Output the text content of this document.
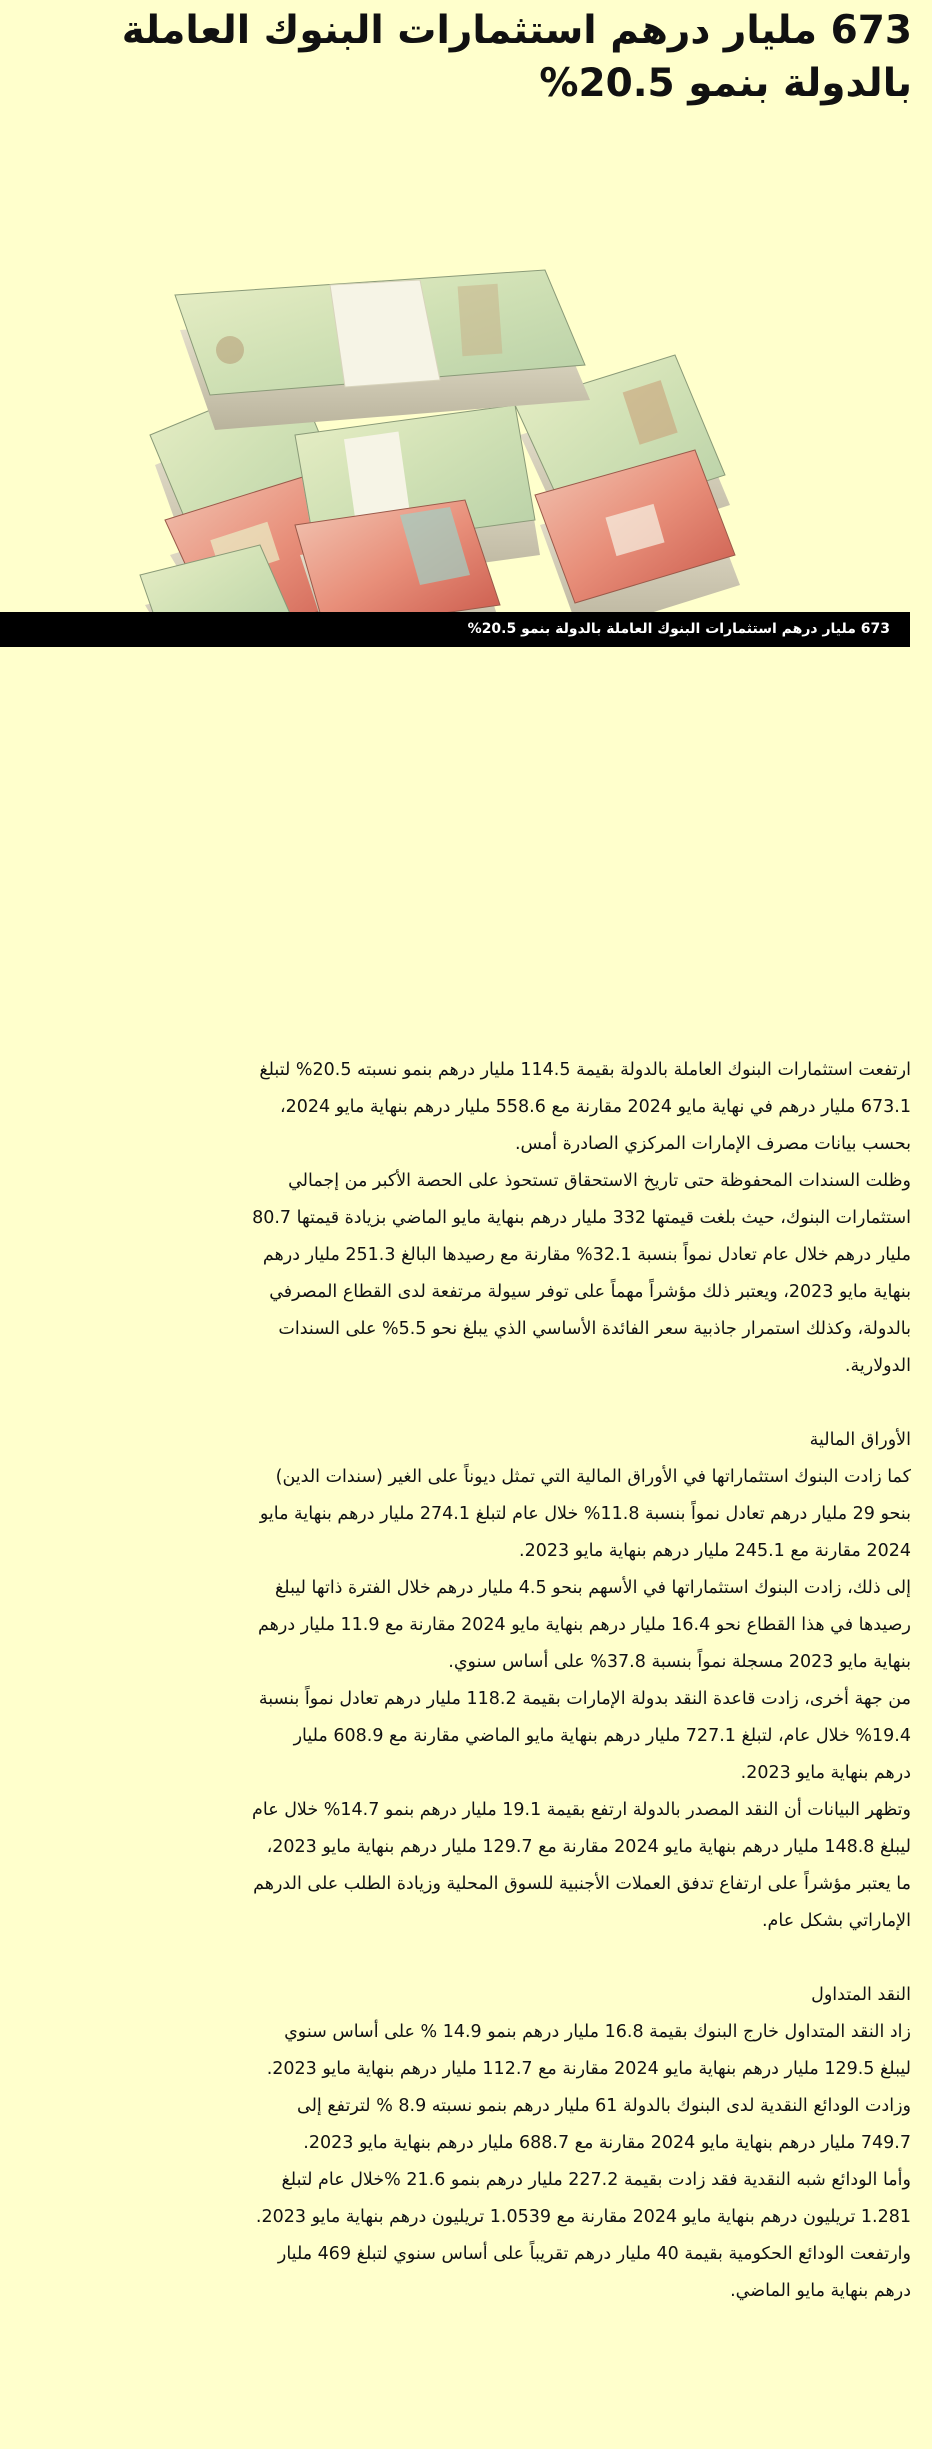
673 مليار درهم استثمارات البنوك العاملة بالدولة بنمو 20.5%
673 مليار درهم استثمارات البنوك العاملة بالدولة بنمو 20.5%

ارتفعت استثمارات البنوك العاملة بالدولة بقيمة 114.5 مليار درهم بنمو نسبته 20.5% لتبلغ 673.1 مليار درهم في نهاية مايو 2024 مقارنة مع 558.6 مليار درهم بنهاية مايو 2024، بحسب بيانات مصرف الإمارات المركزي الصادرة أمس.

وظلت السندات المحفوظة حتى تاريخ الاستحقاق تستحوذ على الحصة الأكبر من إجمالي استثمارات البنوك، حيث بلغت قيمتها 332 مليار درهم بنهاية مايو الماضي بزيادة قيمتها 80.7 مليار درهم خلال عام تعادل نمواً بنسبة 32.1% مقارنة مع رصيدها البالغ 251.3 مليار درهم بنهاية مايو 2023، ويعتبر ذلك مؤشراً مهماً على توفر سيولة مرتفعة لدى القطاع المصرفي بالدولة، وكذلك استمرار جاذبية سعر الفائدة الأساسي الذي يبلغ نحو 5.5% على السندات الدولارية.

الأوراق المالية

كما زادت البنوك استثماراتها في الأوراق المالية التي تمثل ديوناً على الغير (سندات الدين) بنحو 29 مليار درهم تعادل نمواً بنسبة 11.8% خلال عام لتبلغ 274.1 مليار درهم بنهاية مايو 2024 مقارنة مع 245.1 مليار درهم بنهاية مايو 2023.

إلى ذلك، زادت البنوك استثماراتها في الأسهم بنحو 4.5 مليار درهم خلال الفترة ذاتها ليبلغ رصيدها في هذا القطاع نحو 16.4 مليار درهم بنهاية مايو 2024 مقارنة مع 11.9 مليار درهم بنهاية مايو 2023 مسجلة نمواً بنسبة 37.8% على أساس سنوي.

من جهة أخرى، زادت قاعدة النقد بدولة الإمارات بقيمة 118.2 مليار درهم تعادل نمواً بنسبة 19.4% خلال عام، لتبلغ 727.1 مليار درهم بنهاية مايو الماضي مقارنة مع 608.9 مليار درهم بنهاية مايو 2023.

وتظهر البيانات أن النقد المصدر بالدولة ارتفع بقيمة 19.1 مليار درهم بنمو 14.7% خلال عام ليبلغ 148.8 مليار درهم بنهاية مايو 2024 مقارنة مع 129.7 مليار درهم بنهاية مايو 2023، ما يعتبر مؤشراً على ارتفاع تدفق العملات الأجنبية للسوق المحلية وزيادة الطلب على الدرهم الإماراتي بشكل عام.

النقد المتداول

زاد النقد المتداول خارج البنوك بقيمة 16.8 مليار درهم بنمو 14.9 % على أساس سنوي ليبلغ 129.5 مليار درهم بنهاية مايو 2024 مقارنة مع 112.7 مليار درهم بنهاية مايو 2023.

وزادت الودائع النقدية لدى البنوك بالدولة 61 مليار درهم بنمو نسبته 8.9 % لترتفع إلى 749.7 مليار درهم بنهاية مايو 2024 مقارنة مع 688.7 مليار درهم بنهاية مايو 2023.

وأما الودائع شبه النقدية فقد زادت بقيمة 227.2 مليار درهم بنمو 21.6 %خلال عام لتبلغ 1.281 تريليون درهم بنهاية مايو 2024 مقارنة مع 1.0539 تريليون درهم بنهاية مايو 2023.

وارتفعت الودائع الحكومية بقيمة 40 مليار درهم تقريباً على أساس سنوي لتبلغ 469 مليار درهم بنهاية مايو الماضي.
